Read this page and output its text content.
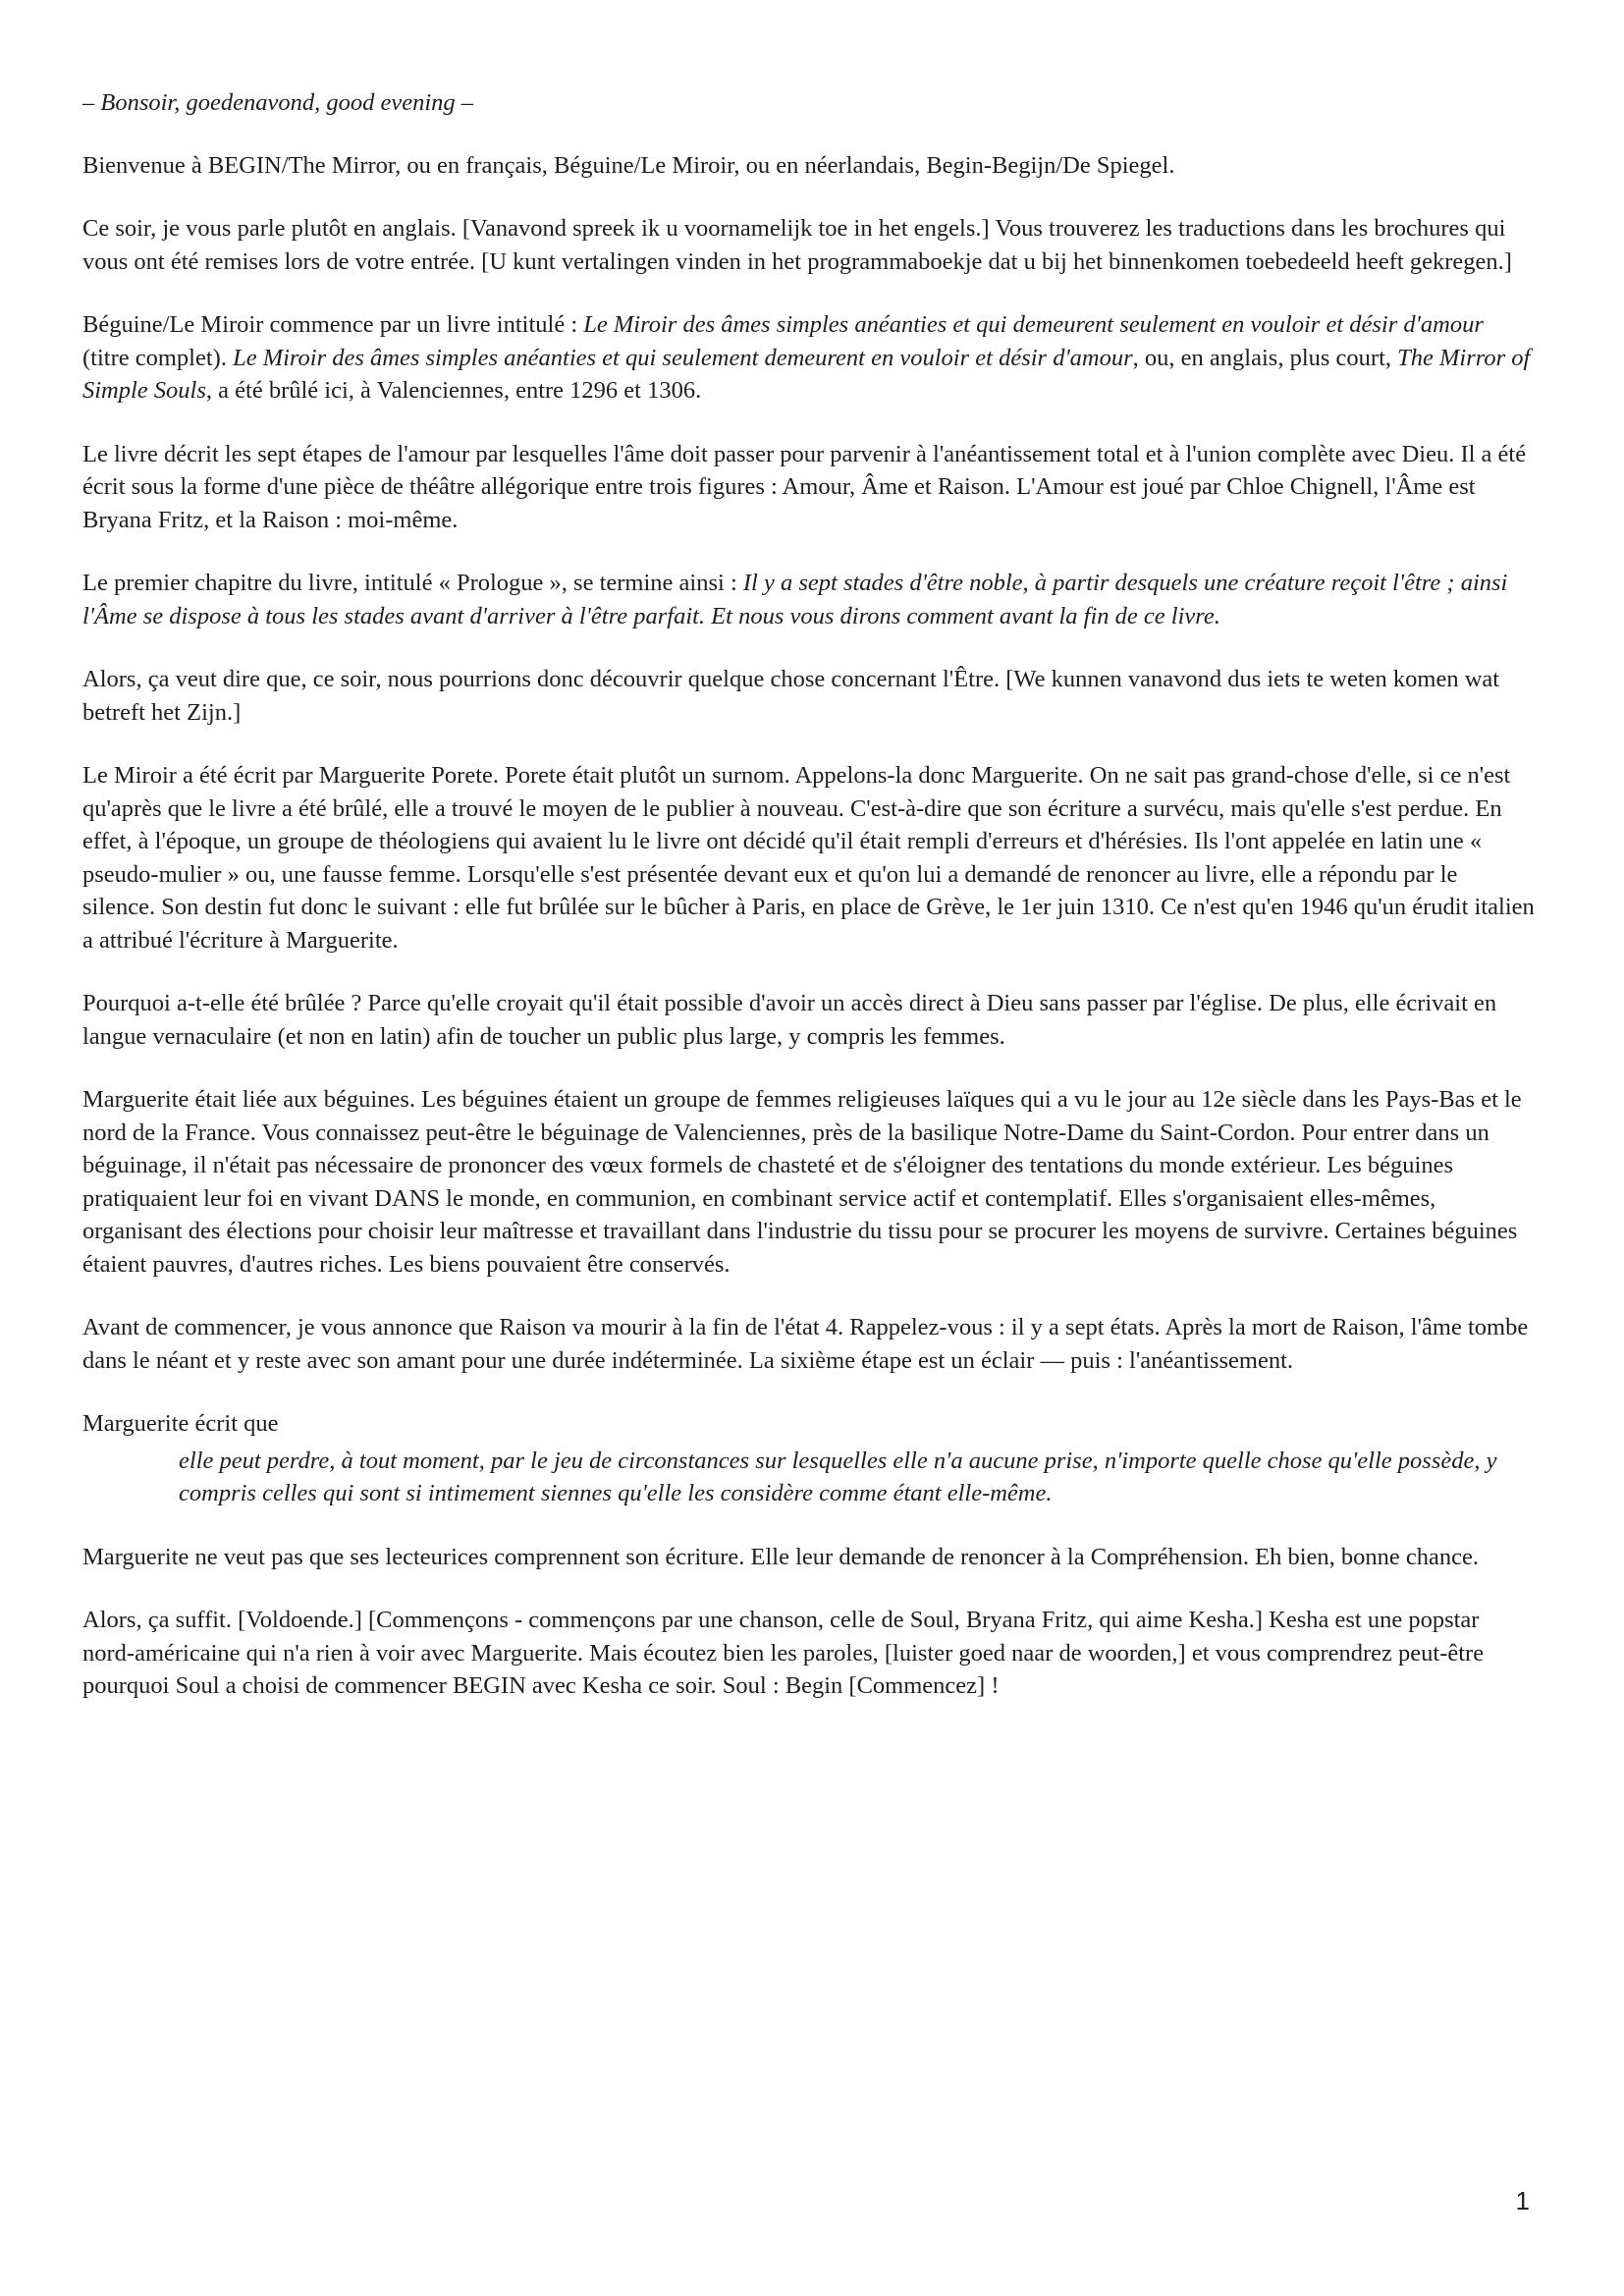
– Bonsoir, goedenavond, good evening –

Bienvenue à BEGIN/The Mirror, ou en français, Béguine/Le Miroir, ou en néerlandais, Begin-Begijn/De Spiegel.

Ce soir, je vous parle plutôt en anglais. [Vanavond spreek ik u voornamelijk toe in het engels.] Vous trouverez les traductions dans les brochures qui vous ont été remises lors de votre entrée. [U kunt vertalingen vinden in het programmaboekje dat u bij het binnenkomen toebedeeld heeft gekregen.]

Béguine/Le Miroir commence par un livre intitulé : Le Miroir des âmes simples anéanties et qui demeurent seulement en vouloir et désir d'amour (titre complet). Le Miroir des âmes simples anéanties et qui seulement demeurent en vouloir et désir d'amour, ou, en anglais, plus court, The Mirror of Simple Souls, a été brûlé ici, à Valenciennes, entre 1296 et 1306.

Le livre décrit les sept étapes de l'amour par lesquelles l'âme doit passer pour parvenir à l'anéantissement total et à l'union complète avec Dieu. Il a été écrit sous la forme d'une pièce de théâtre allégorique entre trois figures : Amour, Âme et Raison. L'Amour est joué par Chloe Chignell, l'Âme est Bryana Fritz, et la Raison : moi-même.

Le premier chapitre du livre, intitulé « Prologue », se termine ainsi : Il y a sept stades d'être noble, à partir desquels une créature reçoit l'être ; ainsi l'Âme se dispose à tous les stades avant d'arriver à l'être parfait. Et nous vous dirons comment avant la fin de ce livre.

Alors, ça veut dire que, ce soir, nous pourrions donc découvrir quelque chose concernant l'Être. [We kunnen vanavond dus iets te weten komen wat betreft het Zijn.]

Le Miroir a été écrit par Marguerite Porete. Porete était plutôt un surnom. Appelons-la donc Marguerite. On ne sait pas grand-chose d'elle, si ce n'est qu'après que le livre a été brûlé, elle a trouvé le moyen de le publier à nouveau. C'est-à-dire que son écriture a survécu, mais qu'elle s'est perdue. En effet, à l'époque, un groupe de théologiens qui avaient lu le livre ont décidé qu'il était rempli d'erreurs et d'hérésies. Ils l'ont appelée en latin une « pseudo-mulier » ou, une fausse femme. Lorsqu'elle s'est présentée devant eux et qu'on lui a demandé de renoncer au livre, elle a répondu par le silence. Son destin fut donc le suivant : elle fut brûlée sur le bûcher à Paris, en place de Grève, le 1er juin 1310. Ce n'est qu'en 1946 qu'un érudit italien a attribué l'écriture à Marguerite.

Pourquoi a-t-elle été brûlée ? Parce qu'elle croyait qu'il était possible d'avoir un accès direct à Dieu sans passer par l'église. De plus, elle écrivait en langue vernaculaire (et non en latin) afin de toucher un public plus large, y compris les femmes.

Marguerite était liée aux béguines. Les béguines étaient un groupe de femmes religieuses laïques qui a vu le jour au 12e siècle dans les Pays-Bas et le nord de la France. Vous connaissez peut-être le béguinage de Valenciennes, près de la basilique Notre-Dame du Saint-Cordon. Pour entrer dans un béguinage, il n'était pas nécessaire de prononcer des vœux formels de chasteté et de s'éloigner des tentations du monde extérieur. Les béguines pratiquaient leur foi en vivant DANS le monde, en communion, en combinant service actif et contemplatif. Elles s'organisaient elles-mêmes, organisant des élections pour choisir leur maîtresse et travaillant dans l'industrie du tissu pour se procurer les moyens de survivre. Certaines béguines étaient pauvres, d'autres riches. Les biens pouvaient être conservés.

Avant de commencer, je vous annonce que Raison va mourir à la fin de l'état 4. Rappelez-vous : il y a sept états. Après la mort de Raison, l'âme tombe dans le néant et y reste avec son amant pour une durée indéterminée. La sixième étape est un éclair — puis : l'anéantissement.

Marguerite écrit que

elle peut perdre, à tout moment, par le jeu de circonstances sur lesquelles elle n'a aucune prise, n'importe quelle chose qu'elle possède, y compris celles qui sont si intimement siennes qu'elle les considère comme étant elle-même.

Marguerite ne veut pas que ses lecteurices comprennent son écriture. Elle leur demande de renoncer à la Compréhension. Eh bien, bonne chance.

Alors, ça suffit. [Voldoende.] [Commençons - commençons par une chanson, celle de Soul, Bryana Fritz, qui aime Kesha.] Kesha est une popstar nord-américaine qui n'a rien à voir avec Marguerite. Mais écoutez bien les paroles, [luister goed naar de woorden,] et vous comprendrez peut-être pourquoi Soul a choisi de commencer BEGIN avec Kesha ce soir. Soul : Begin [Commencez] !

1
